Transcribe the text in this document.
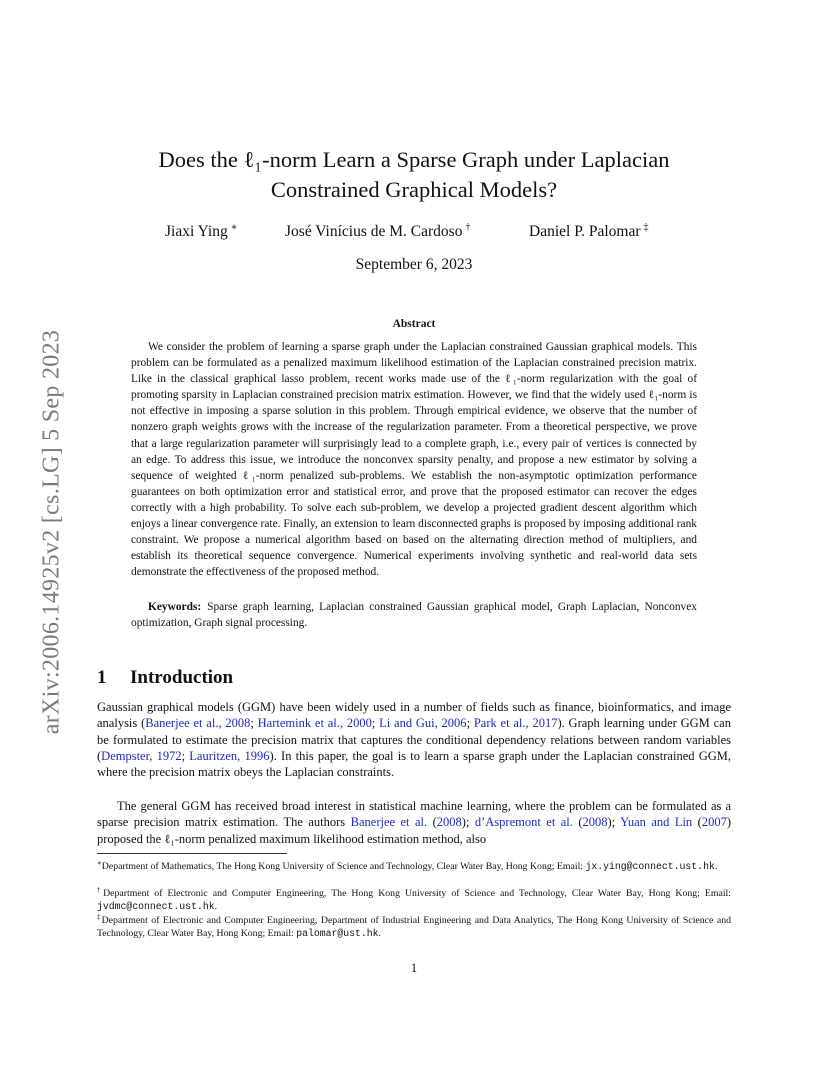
arXiv:2006.14925v2 [cs.LG] 5 Sep 2023
Does the ℓ₁-norm Learn a Sparse Graph under Laplacian
Constrained Graphical Models?
Jiaxi Ying ∗	José Vinícius de M. Cardoso †	Daniel P. Palomar ‡
September 6, 2023
Abstract

We consider the problem of learning a sparse graph under the Laplacian constrained Gaussian graphical models. This problem can be formulated as a penalized maximum likelihood estimation of the Laplacian constrained precision matrix. Like in the classical graphical lasso problem, recent works made use of the ℓ₁-norm regularization with the goal of promoting sparsity in Laplacian constrained precision matrix estimation. However, we find that the widely used ℓ₁-norm is not effective in imposing a sparse solution in this problem. Through empirical evidence, we observe that the number of nonzero graph weights grows with the increase of the regularization parameter. From a theoretical perspective, we prove that a large regularization parameter will surprisingly lead to a complete graph, i.e., every pair of vertices is connected by an edge. To address this issue, we introduce the nonconvex sparsity penalty, and propose a new estimator by solving a sequence of weighted ℓ₁-norm penalized sub-problems. We establish the non-asymptotic optimization performance guarantees on both optimization error and statistical error, and prove that the proposed estimator can recover the edges correctly with a high probability. To solve each sub-problem, we develop a projected gradient descent algorithm which enjoys a linear convergence rate. Finally, an extension to learn disconnected graphs is proposed by imposing additional rank constraint. We propose a numerical algorithm based on based on the alternating direction method of multipliers, and establish its theoretical sequence convergence. Numerical experiments involving synthetic and real-world data sets demonstrate the effectiveness of the proposed method.

Keywords: Sparse graph learning, Laplacian constrained Gaussian graphical model, Graph Laplacian, Nonconvex optimization, Graph signal processing.

1 Introduction

Gaussian graphical models (GGM) have been widely used in a number of fields such as finance, bioinformatics, and image analysis (Banerjee et al., 2008; Hartemink et al., 2000; Li and Gui, 2006; Park et al., 2017). Graph learning under GGM can be formulated to estimate the precision matrix that captures the conditional dependency relations between random variables (Dempster, 1972; Lauritzen, 1996). In this paper, the goal is to learn a sparse graph under the Laplacian constrained GGM, where the precision matrix obeys the Laplacian constraints.

The general GGM has received broad interest in statistical machine learning, where the problem can be formulated as a sparse precision matrix estimation. The authors Banerjee et al. (2008); d’Aspremont et al. (2008); Yuan and Lin (2007) proposed the ℓ₁-norm penalized maximum likelihood estimation method, also

∗Department of Mathematics, The Hong Kong University of Science and Technology, Clear Water Bay, Hong Kong; Email: jx.ying@connect.ust.hk.

†Department of Electronic and Computer Engineering, The Hong Kong University of Science and Technology, Clear Water Bay, Hong Kong; Email: jvdmc@connect.ust.hk.

‡Department of Electronic and Computer Engineering, Department of Industrial Engineering and Data Analytics, The Hong Kong University of Science and Technology, Clear Water Bay, Hong Kong; Email: palomar@ust.hk.

1
